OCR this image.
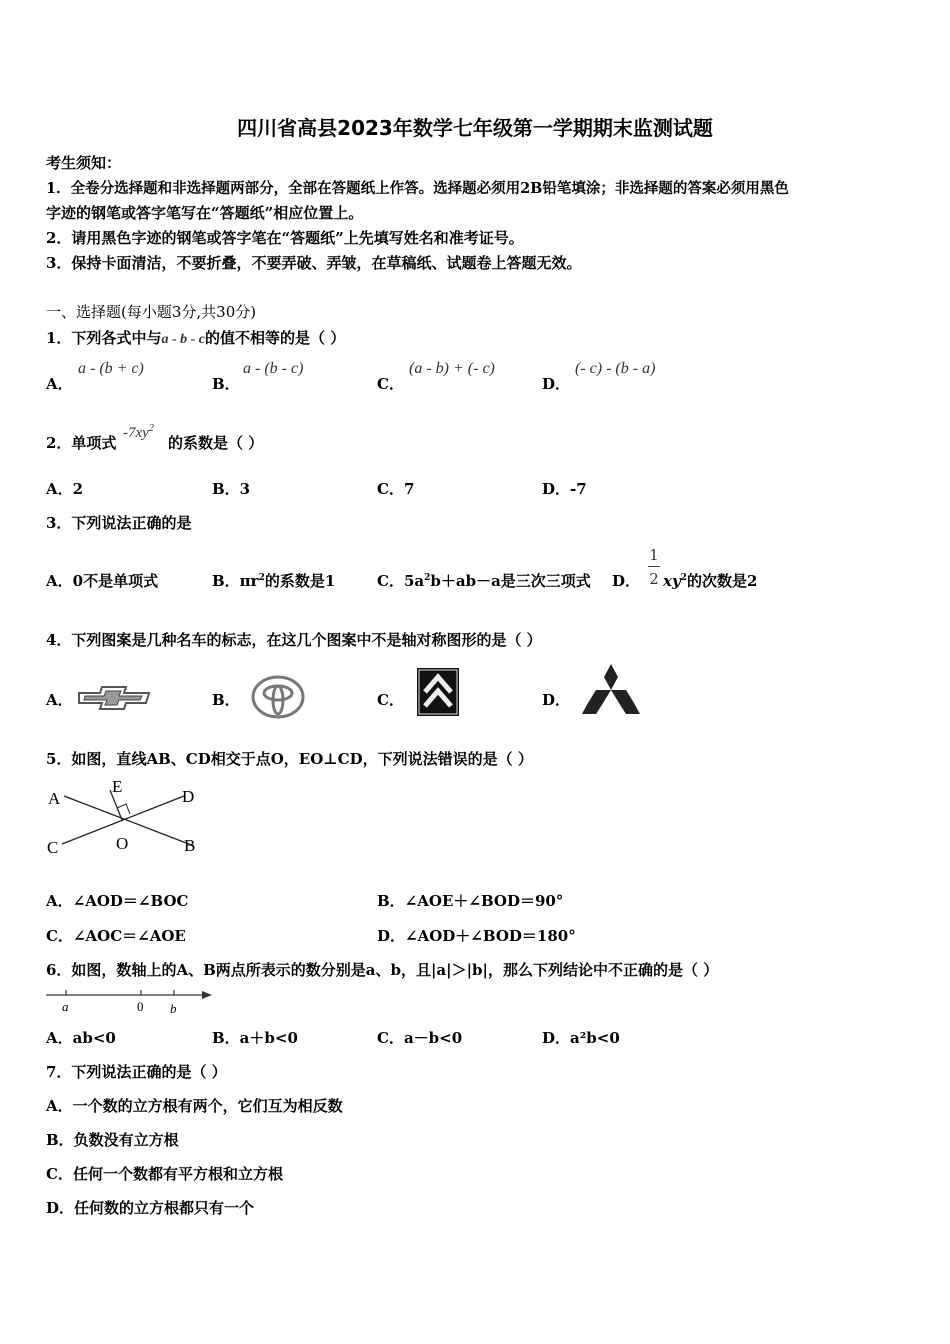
四川省高县2023年数学七年级第一学期期末监测试题
考生须知：
1．全卷分选择题和非选择题两部分，全部在答题纸上作答。选择题必须用2B铅笔填涂；非选择题的答案必须用黑色
字迹的钢笔或答字笔写在“答题纸”相应位置上。
2．请用黑色字迹的钢笔或答字笔在“答题纸”上先填写姓名和准考证号。
3．保持卡面清洁，不要折叠，不要弄破、弄皱，在草稿纸、试题卷上答题无效。
一、选择题(每小题3分,共30分)
1．下列各式中与a - b - c的值不相等的是（ ）
A．
a - (b + c)
B．
a - (b - c)
C．
(a - b) + (- c)
D．
(- c) - (b - a)
2．单项式
$-7xy^2$
的系数是（ ）
A．2	B．3	C．7	D．-7
3．下列说法正确的是
A．0不是单项式	B．$\pi r^2$的系数是1	C．$5a^2b+ab-a$是三次三项式 D．
1
2 $xy^2$的次数是2
4．下列图案是几种名车的标志，在这几个图案中不是轴对称图形的是（ ）
A．	B．	C．	D．
5．如图，直线AB、CD相交于点O，EO⊥CD，下列说法错误的是（ ）
A
E
D
C	O	B
A．∠AOD＝∠BOC	B．∠AOE＋∠BOD＝90°
C．∠AOC＝∠AOE	D．∠AOD＋∠BOD＝180°
6．如图，数轴上的A、B两点所表示的数分别是a、b，且|a|＞|b|，那么下列结论中不正确的是（ ）
a	0 b
A．ab<0	B．a＋b<0	C．a－b<0	D．a²b<0
7．下列说法正确的是（ ）
A．一个数的立方根有两个，它们互为相反数
B．负数没有立方根
C．任何一个数都有平方根和立方根
D．任何数的立方根都只有一个
